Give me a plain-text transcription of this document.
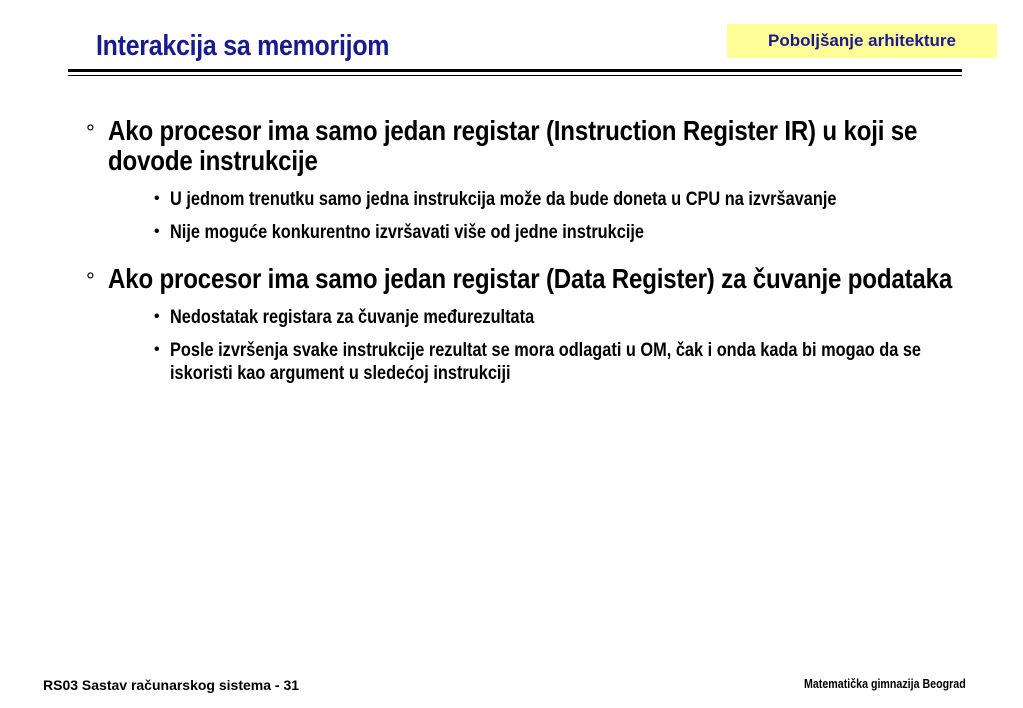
Interakcija sa memorijom	Poboljšanje arhitekture
° Ako procesor ima samo jedan registar (Instruction Register IR) u koji se dovode instrukcije
• U jednom trenutku samo jedna instrukcija može da bude doneta u CPU na izvršavanje
• Nije moguće konkurentno izvršavati više od jedne instrukcije
° Ako procesor ima samo jedan registar (Data Register) za čuvanje podataka
• Nedostatak registara za čuvanje međurezultata
• Posle izvršenja svake instrukcije rezultat se mora odlagati u OM, čak i onda kada bi mogao da se iskoristi kao argument u sledećoj instrukciji
RS03 Sastav računarskog sistema - 31	Matematička gimnazija Beograd
